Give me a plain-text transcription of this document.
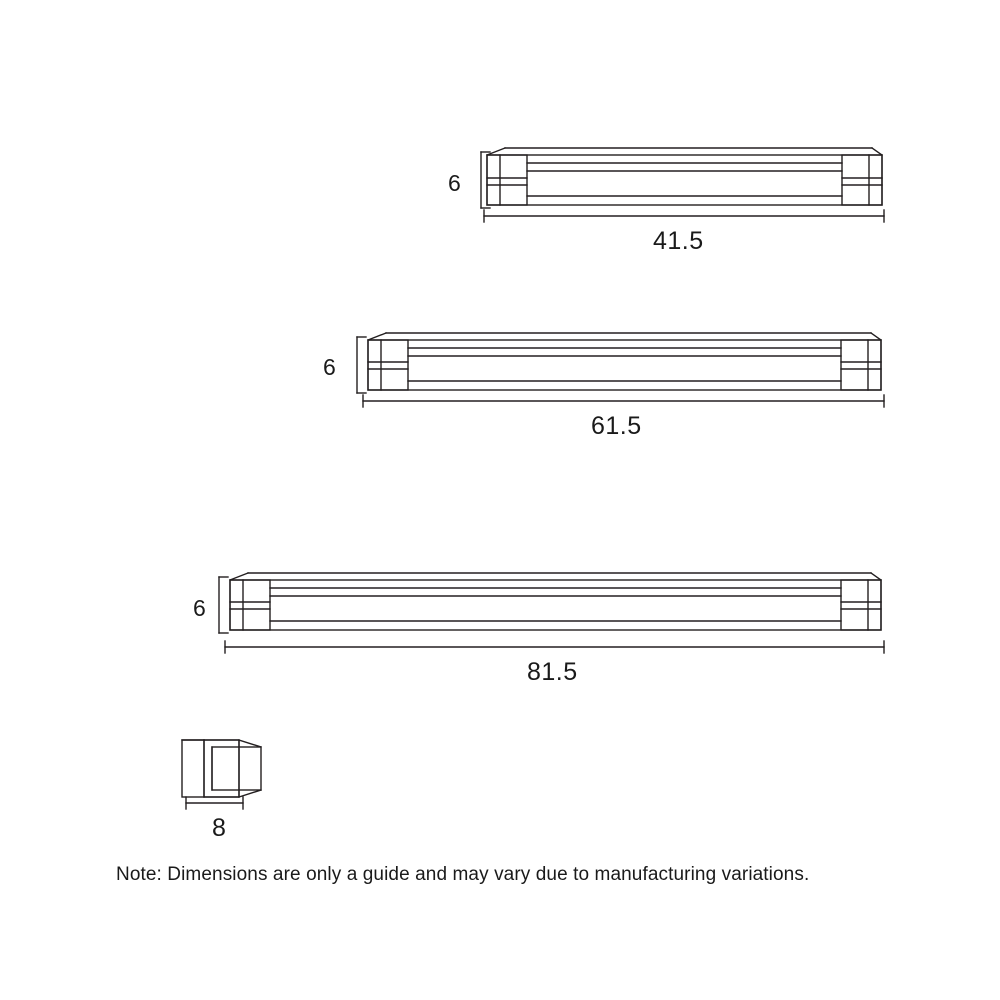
6
41.5
6
61.5
6
81.5
8
Note: Dimensions are only a guide and may vary due to manufacturing variations.
